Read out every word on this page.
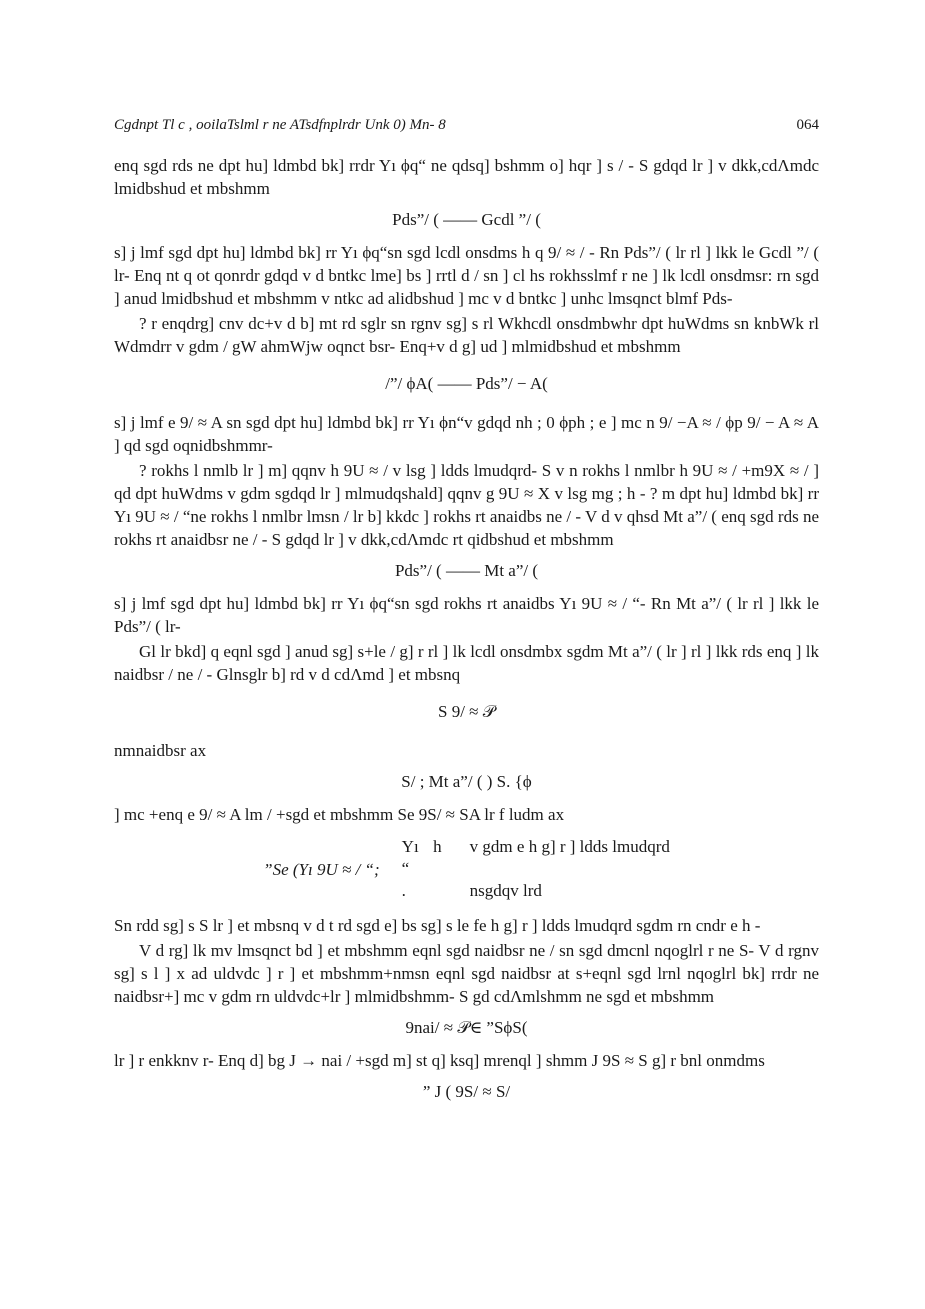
Cgdnpt Tl c , ooilaTslml r ne ATsdfnplrdr Unk 0) Mn- 8	064
enq sgd rds ne dpt hu] ldmbd bk] rrdr Yı ϕq“ ne qdsq] bshmm o] hqr ] s / - S gdqd lr ] v dkk,cdΛmdc lmidbshud et mbshmm
Pds”/ ( —— Gcdl ”/ (
s] j lmf sgd dpt hu] ldmbd bk] rr Yı ϕq“sn sgd lcdl onsdms h q 9/ ≈ / - Rn Pds”/ ( lr rl ] lkk le Gcdl ”/ ( lr- Enq nt q ot qonrdr gdqd v d bntkc lme] bs ] rrtl d / sn ] cl hs rokhsslmf r ne ] lk lcdl onsdmsr: rn sgd ] anud lmidbshud et mbshmm v ntkc ad alidbshud ] mc v d bntkc ] unhc lmsqnct blmf Pds-
? r enqdrg] cnv dc+v d b] mt rd sglr sn rgnv sg] s rl Wkhcdl onsdmbwhr dpt huWdms sn knbWk rl Wdmdrr v gdm / gW ahmWjw oqnct bsr- Enq+v d g] ud ] mlmidbshud et mbshmm
/”/ ϕA( —— Pds”/ − A(
s] j lmf e 9/ ≈ A sn sgd dpt hu] ldmbd bk] rr Yı ϕn“v gdqd nh ; 0 ϕph ; e ] mc n 9/ −A ≈ / ϕp 9/ − A ≈ A ] qd sgd oqnidbshmmr-
? rokhs l nmlb lr ] m] qqnv h 9U ≈ / v lsg ] ldds lmudqrd- S v n rokhs l nmlbr h 9U ≈ / +m9X ≈ / ] qd dpt huWdms v gdm sgdqd lr ] mlmudqshald] qqnv g 9U ≈ X v lsg mg ; h - ? m dpt hu] ldmbd bk] rr Yı 9U ≈ / “ne rokhs l nmlbr lmsn / lr b] kkdc ] rokhs rt anaidbs ne / - V d v qhsd Mt a”/ ( enq sgd rds ne rokhs rt anaidbsr ne / - S gdqd lr ] v dkk,cdΛmdc rt qidbshud et mbshmm
Pds”/ ( —— Mt a”/ (
s] j lmf sgd dpt hu] ldmbd bk] rr Yı ϕq“sn sgd rokhs rt anaidbs Yı 9U ≈ / “- Rn Mt a”/ ( lr rl ] lkk le Pds”/ ( lr-
Gl lr bkd] q eqnl sgd ] anud sg] s+le / g] r rl ] lk lcdl onsdmbx sgdm Mt a”/ ( lr ] rl ] lkk rds enq ] lk naidbsr / ne / - Glnsglr b] rd v d cdΛmd ] et mbsnq
S 9/ ≈ 𝒫
nmnaidbsr ax
S/ ; Mt a”/ ( ) S. {ϕ
] mc +enq e 9/ ≈ A lm / +sgd et mbshmm Se 9S/ ≈ SA lr f ludm ax
”Se (Yı 9U ≈ / “;
Yı h “
v gdm e h g] r ] ldds lmudqrd
.	nsgdqv lrd
Sn rdd sg] s S lr ] et mbsnq v d t rd sgd e] bs sg] s le fe h g] r ] ldds lmudqrd sgdm rn cndr e h -
V d rg] lk mv lmsqnct bd ] et mbshmm eqnl sgd naidbsr ne / sn sgd dmcnl nqoglrl r ne S- V d rgnv sg] s l ] x ad uldvdc ] r ] et mbshmm+nmsn eqnl sgd naidbsr at s+eqnl sgd lrnl nqoglrl bk] rrdr ne naidbsr+] mc v gdm rn uldvdc+lr ] mlmidbshmm- S gd cdΛmlshmm ne sgd et mbshmm
9nai/ ≈ 𝒫∈ ”SϕS(
lr ] r enkknv r- Enq d] bg J → nai / +sgd m] st q] ksq] mrenql ] shmm J 9S ≈ S g] r bnl onmdms
” J ( 9S/ ≈ S/
